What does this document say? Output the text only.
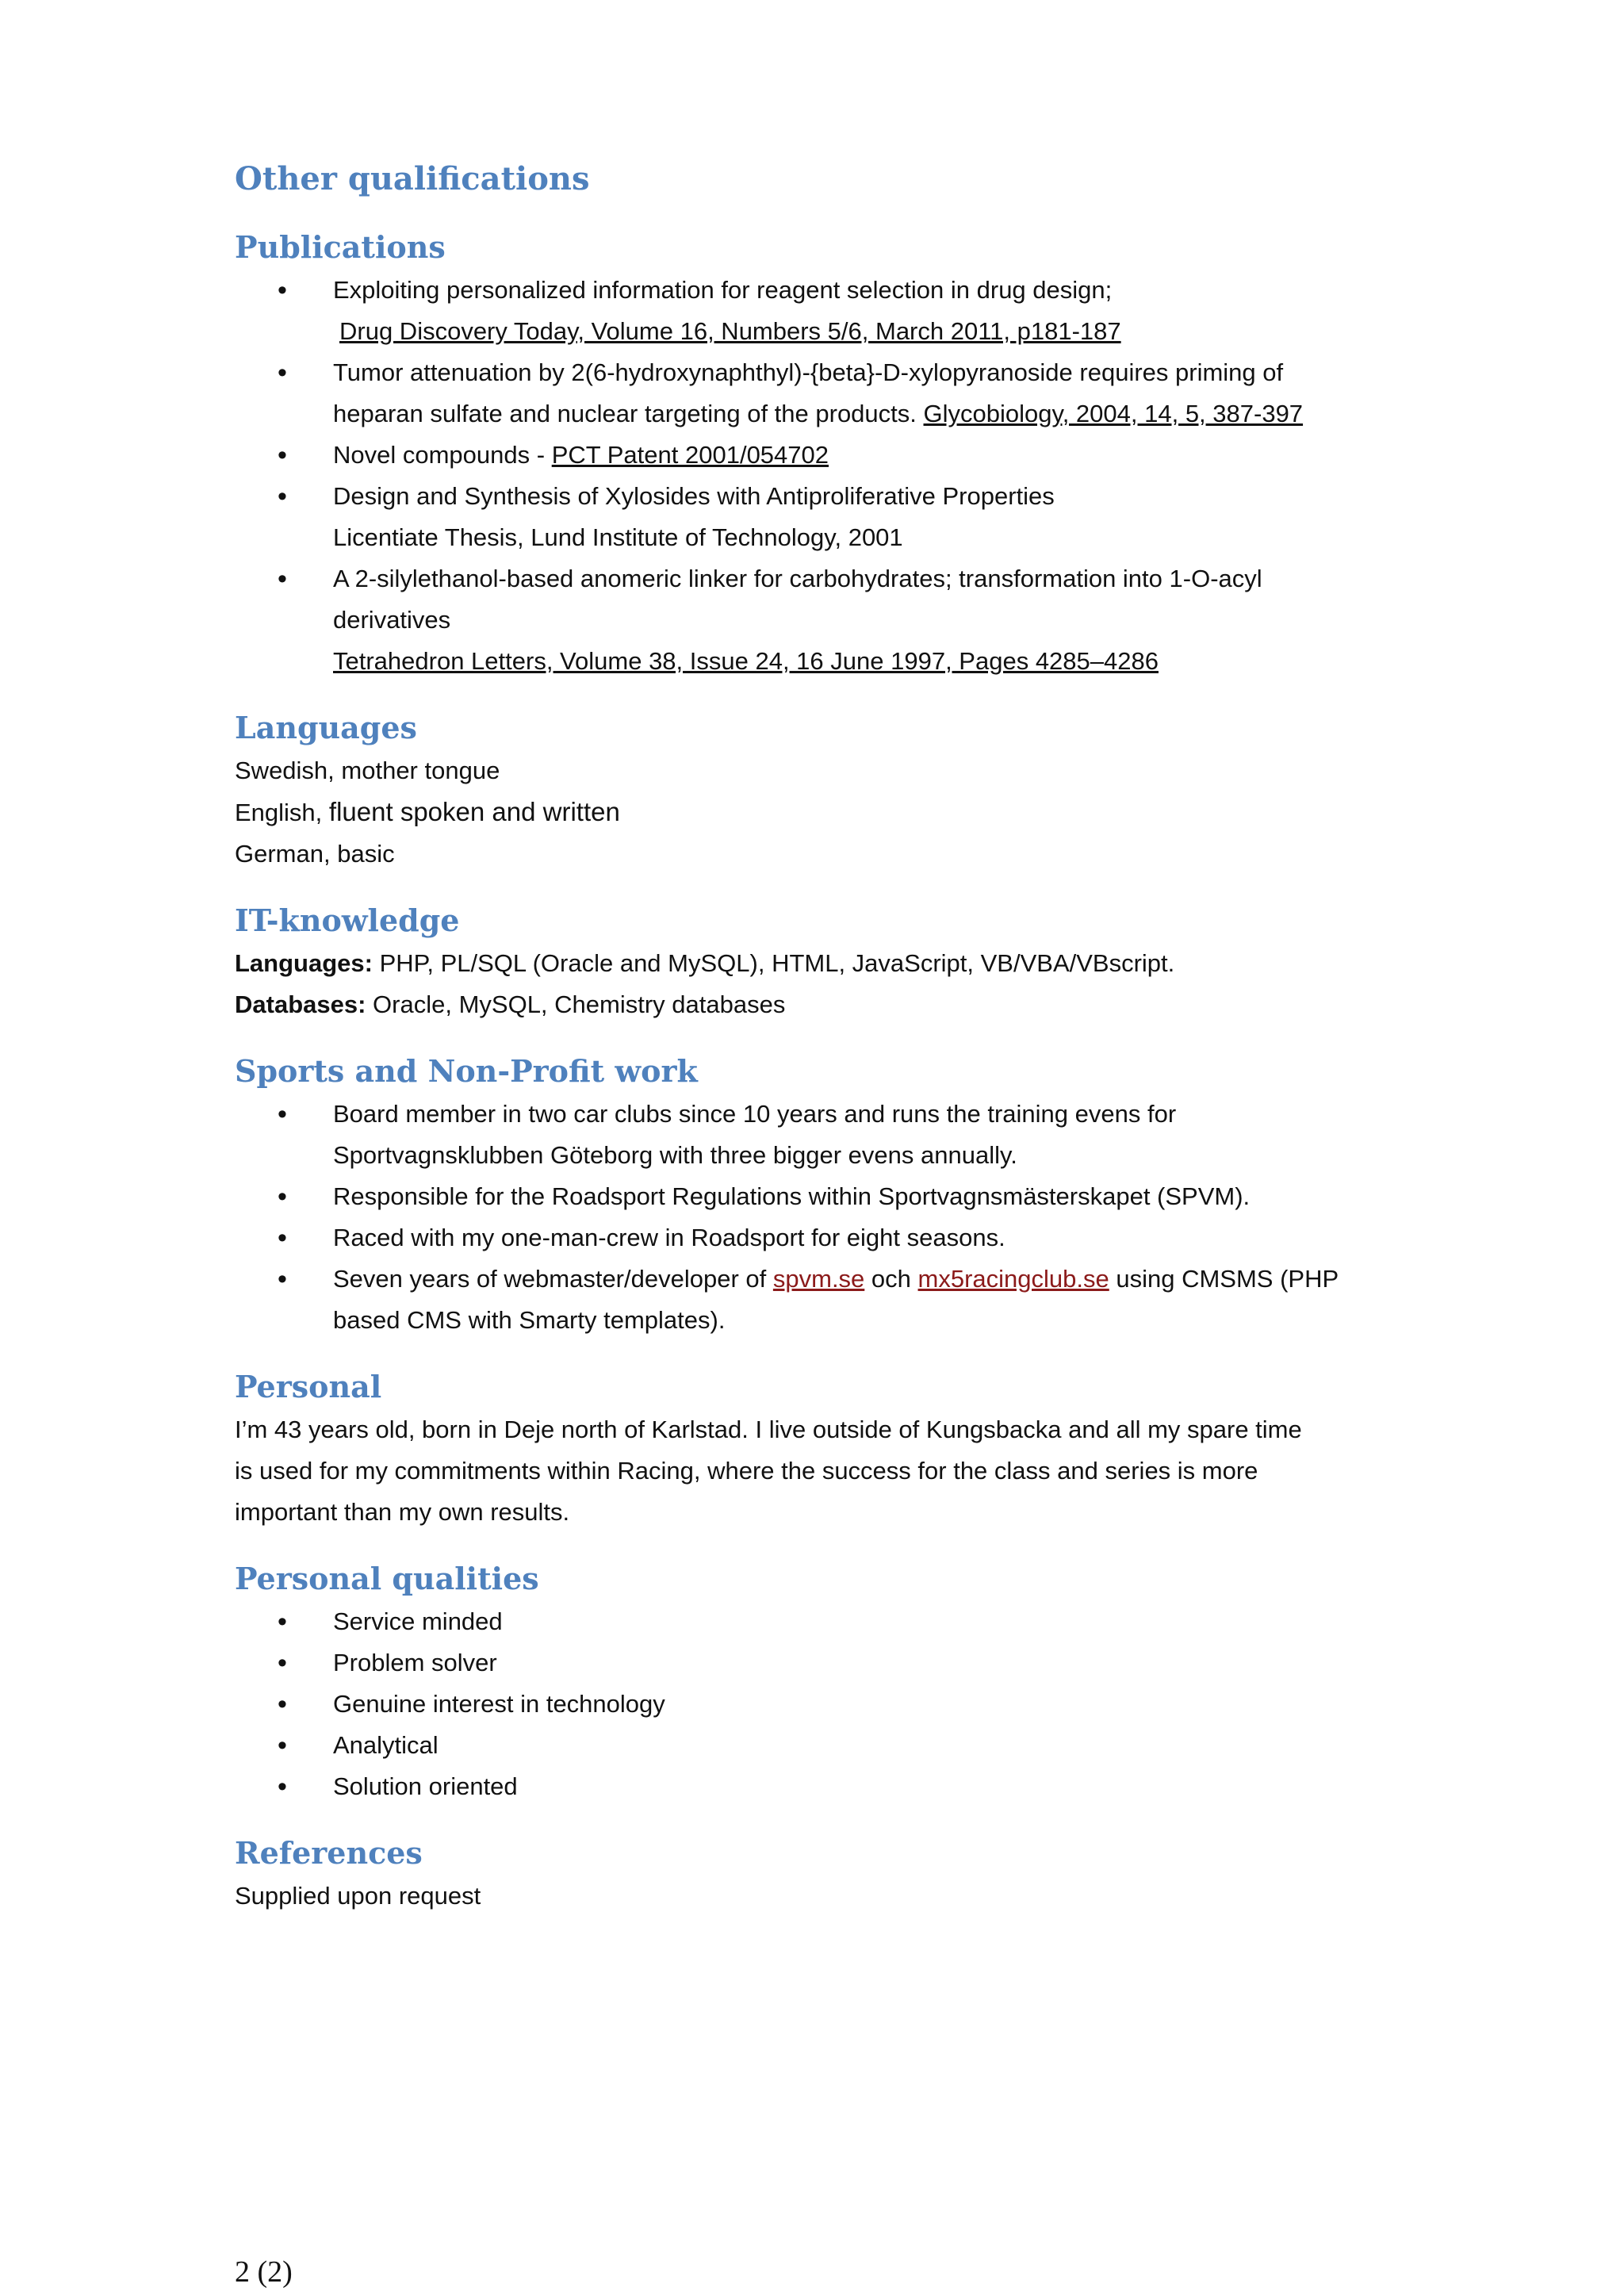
Other qualifications
Publications
• Exploiting personalized information for reagent selection in drug design;
Drug Discovery Today, Volume 16, Numbers 5/6, March 2011, p181-187
• Tumor attenuation by 2(6-hydroxynaphthyl)-{beta}-D-xylopyranoside requires priming of
heparan sulfate and nuclear targeting of the products. Glycobiology, 2004, 14, 5, 387-397
• Novel compounds - PCT Patent 2001/054702
• Design and Synthesis of Xylosides with Antiproliferative Properties
Licentiate Thesis, Lund Institute of Technology, 2001
• A 2-silylethanol-based anomeric linker for carbohydrates; transformation into 1-O-acyl
derivatives
Tetrahedron Letters, Volume 38, Issue 24, 16 June 1997, Pages 4285–4286
Languages
Swedish, mother tongue
English, fluent spoken and written
German, basic
IT-knowledge
Languages: PHP, PL/SQL (Oracle and MySQL), HTML, JavaScript, VB/VBA/VBscript.
Databases: Oracle, MySQL, Chemistry databases
Sports and Non-Profit work
• Board member in two car clubs since 10 years and runs the training evens for
Sportvagnsklubben Göteborg with three bigger evens annually.
• Responsible for the Roadsport Regulations within Sportvagnsmästerskapet (SPVM).
• Raced with my one-man-crew in Roadsport for eight seasons.
• Seven years of webmaster/developer of spvm.se och mx5racingclub.se using CMSMS (PHP
based CMS with Smarty templates).
Personal
I’m 43 years old, born in Deje north of Karlstad. I live outside of Kungsbacka and all my spare time
is used for my commitments within Racing, where the success for the class and series is more
important than my own results.
Personal qualities
• Service minded
• Problem solver
• Genuine interest in technology
• Analytical
• Solution oriented
References
Supplied upon request
2 (2)
